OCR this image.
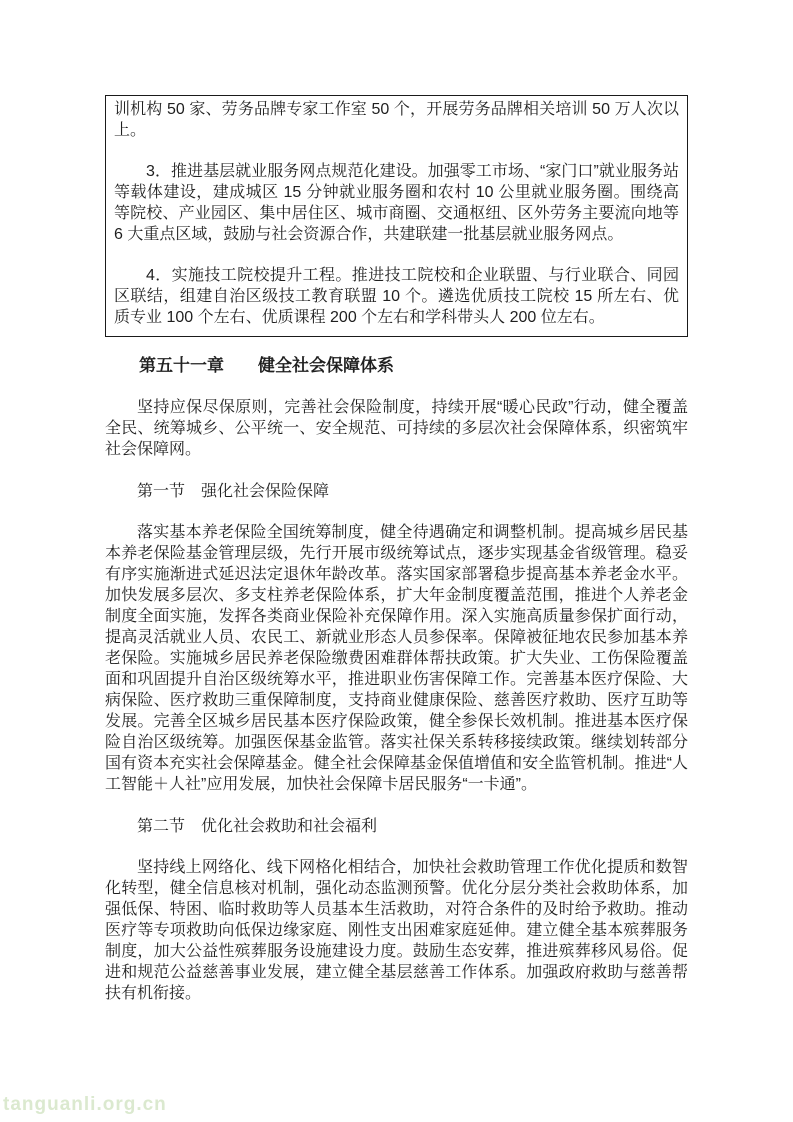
训机构 50 家、劳务品牌专家工作室 50 个，开展劳务品牌相关培训 50 万人次以上。

3．推进基层就业服务网点规范化建设。加强零工市场、“家门口”就业服务站等载体建设，建成城区 15 分钟就业服务圈和农村 10 公里就业服务圈。围绕高等院校、产业园区、集中居住区、城市商圈、交通枢纽、区外劳务主要流向地等 6 大重点区域，鼓励与社会资源合作，共建联建一批基层就业服务网点。

4．实施技工院校提升工程。推进技工院校和企业联盟、与行业联合、同园区联结，组建自治区级技工教育联盟 10 个。遴选优质技工院校 15 所左右、优质专业 100 个左右、优质课程 200 个左右和学科带头人 200 位左右。

第五十一章　　健全社会保障体系

坚持应保尽保原则，完善社会保险制度，持续开展“暖心民政”行动，健全覆盖全民、统筹城乡、公平统一、安全规范、可持续的多层次社会保障体系，织密筑牢社会保障网。

第一节　强化社会保险保障

落实基本养老保险全国统筹制度，健全待遇确定和调整机制。提高城乡居民基本养老保险基金管理层级，先行开展市级统筹试点，逐步实现基金省级管理。稳妥有序实施渐进式延迟法定退休年龄改革。落实国家部署稳步提高基本养老金水平。加快发展多层次、多支柱养老保险体系，扩大年金制度覆盖范围，推进个人养老金制度全面实施，发挥各类商业保险补充保障作用。深入实施高质量参保扩面行动，提高灵活就业人员、农民工、新就业形态人员参保率。保障被征地农民参加基本养老保险。实施城乡居民养老保险缴费困难群体帮扶政策。扩大失业、工伤保险覆盖面和巩固提升自治区级统筹水平，推进职业伤害保障工作。完善基本医疗保险、大病保险、医疗救助三重保障制度，支持商业健康保险、慈善医疗救助、医疗互助等发展。完善全区城乡居民基本医疗保险政策，健全参保长效机制。推进基本医疗保险自治区级统筹。加强医保基金监管。落实社保关系转移接续政策。继续划转部分国有资本充实社会保障基金。健全社会保障基金保值增值和安全监管机制。推进“人工智能＋人社”应用发展，加快社会保障卡居民服务“一卡通”。

第二节　优化社会救助和社会福利

坚持线上网络化、线下网格化相结合，加快社会救助管理工作优化提质和数智化转型，健全信息核对机制，强化动态监测预警。优化分层分类社会救助体系，加强低保、特困、临时救助等人员基本生活救助，对符合条件的及时给予救助。推动医疗等专项救助向低保边缘家庭、刚性支出困难家庭延伸。建立健全基本殡葬服务制度，加大公益性殡葬服务设施建设力度。鼓励生态安葬，推进殡葬移风易俗。促进和规范公益慈善事业发展，建立健全基层慈善工作体系。加强政府救助与慈善帮扶有机衔接。

tanguanli.org.cn
